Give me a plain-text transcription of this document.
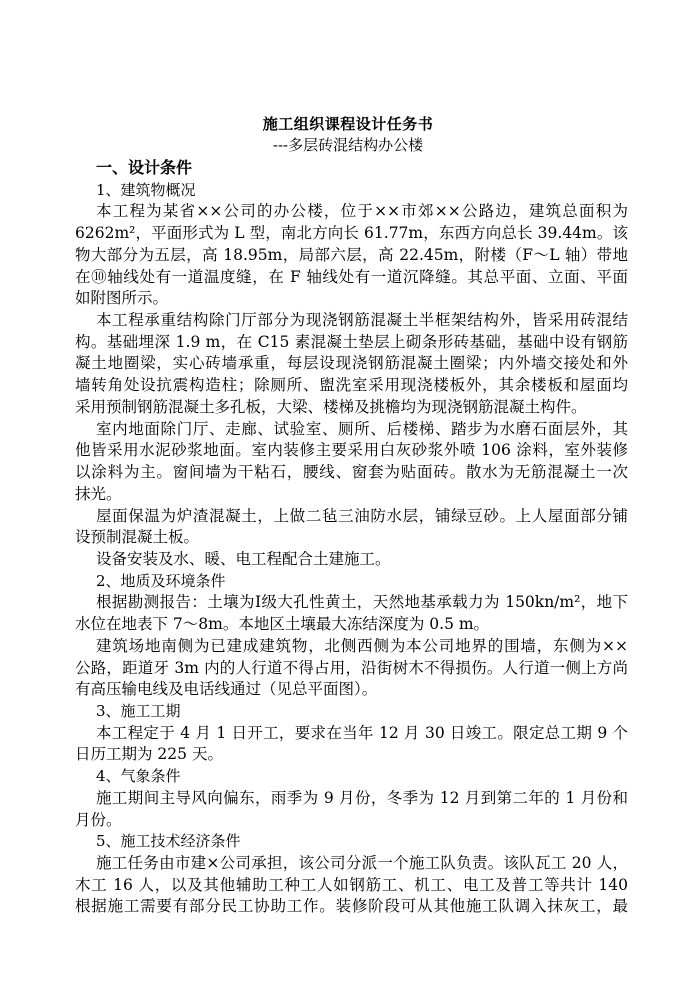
施工组织课程设计任务书
---多层砖混结构办公楼
一、设计条件
1、建筑物概况
本工程为某省××公司的办公楼，位于××市郊××公路边，建筑总面积为
6262m²，平面形式为 L 型，南北方向长 61.77m，东西方向总长 39.44m。该
物大部分为五层，高 18.95m，局部六层，高 22.45m，附楼（F～L 轴）带地
在⑩轴线处有一道温度缝，在 F 轴线处有一道沉降缝。其总平面、立面、平面
如附图所示。
本工程承重结构除门厅部分为现浇钢筋混凝土半框架结构外，皆采用砖混结
构。基础埋深 1.9 m，在 C15 素混凝土垫层上砌条形砖基础，基础中设有钢筋
凝土地圈梁，实心砖墙承重，每层设现浇钢筋混凝土圈梁；内外墙交接处和外
墙转角处设抗震构造柱；除厕所、盥洗室采用现浇楼板外，其余楼板和屋面均
采用预制钢筋混凝土多孔板，大梁、楼梯及挑檐均为现浇钢筋混凝土构件。
室内地面除门厅、走廊、试验室、厕所、后楼梯、踏步为水磨石面层外，其
他皆采用水泥砂浆地面。室内装修主要采用白灰砂浆外喷 106 涂料，室外装修
以涂料为主。窗间墙为干粘石，腰线、窗套为贴面砖。散水为无筋混凝土一次
抹光。
屋面保温为炉渣混凝土，上做二毡三油防水层，铺绿豆砂。上人屋面部分铺
设预制混凝土板。
设备安装及水、暖、电工程配合土建施工。
2、地质及环境条件
根据勘测报告：土壤为Ⅰ级大孔性黄土，天然地基承载力为 150kn/m²，地下
水位在地表下 7～8m。本地区土壤最大冻结深度为 0.5 m。
建筑场地南侧为已建成建筑物，北侧西侧为本公司地界的围墙，东侧为××
公路，距道牙 3m 内的人行道不得占用，沿街树木不得损伤。人行道一侧上方尚
有高压输电线及电话线通过（见总平面图）。
3、施工工期
本工程定于 4 月 1 日开工，要求在当年 12 月 30 日竣工。限定总工期 9 个
日历工期为 225 天。
4、气象条件
施工期间主导风向偏东，雨季为 9 月份，冬季为 12 月到第二年的 1 月份和
月份。
5、施工技术经济条件
施工任务由市建×公司承担，该公司分派一个施工队负责。该队瓦工 20 人，
木工 16 人，以及其他辅助工种工人如钢筋工、机工、电工及普工等共计 140
根据施工需要有部分民工协助工作。装修阶段可从其他施工队调入抹灰工，最
